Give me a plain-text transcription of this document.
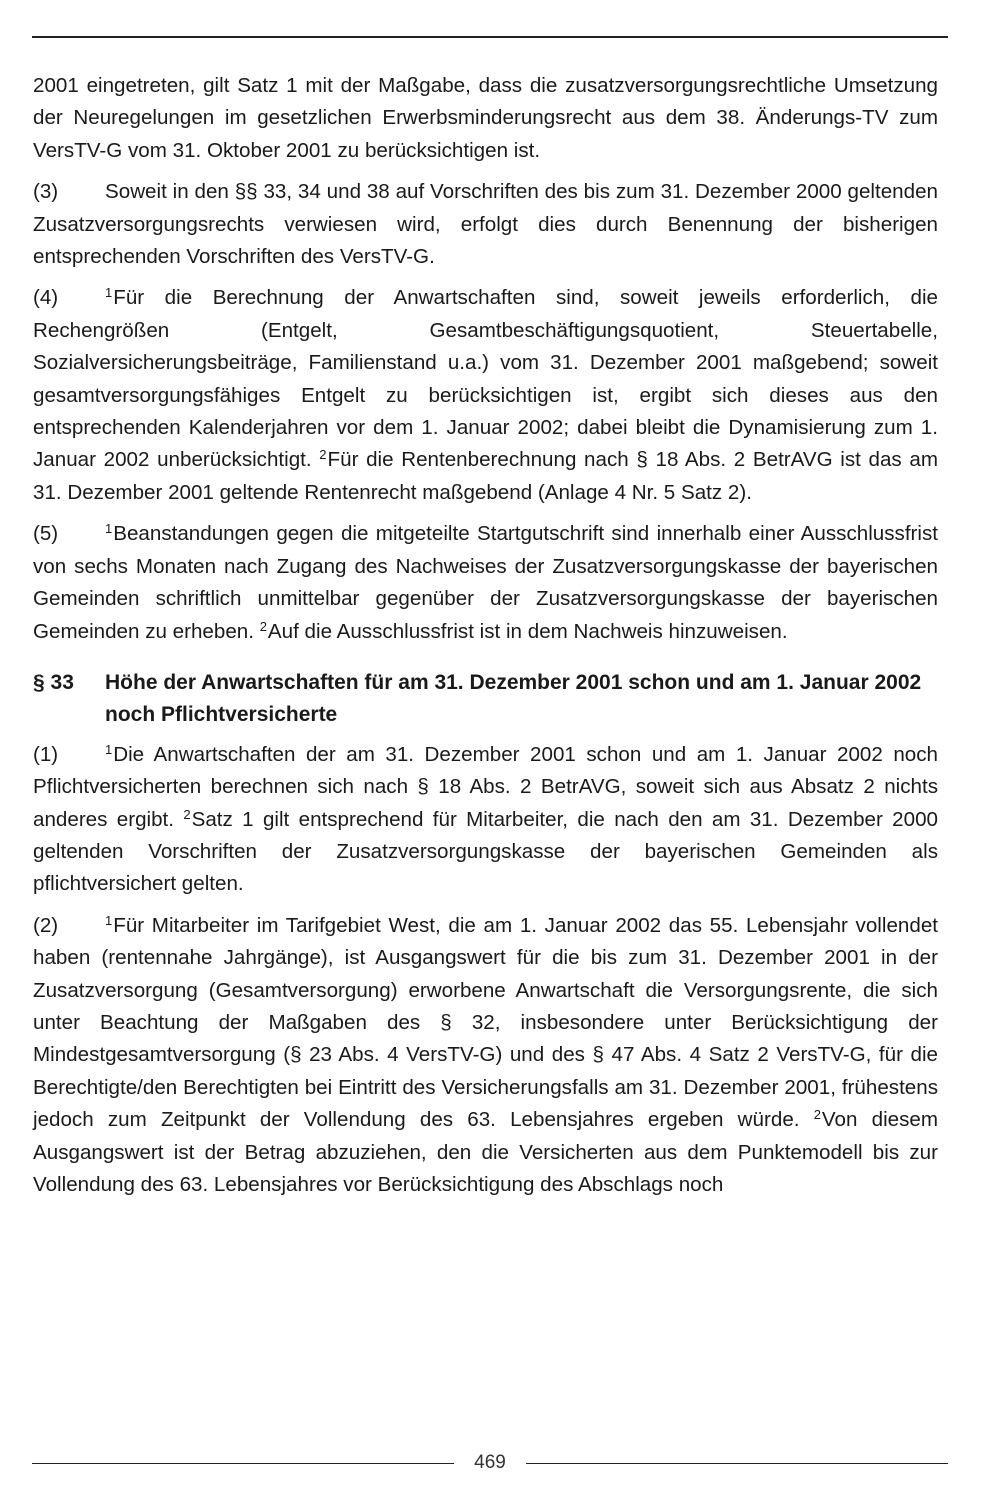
2001 eingetreten, gilt Satz 1 mit der Maßgabe, dass die zusatzversorgungsrechtliche Umsetzung der Neuregelungen im gesetzlichen Erwerbsminderungsrecht aus dem 38. Änderungs-TV zum VersTV-G vom 31. Oktober 2001 zu berücksichtigen ist.

(3) Soweit in den §§ 33, 34 und 38 auf Vorschriften des bis zum 31. Dezember 2000 geltenden Zusatzversorgungsrechts verwiesen wird, erfolgt dies durch Benennung der bisherigen entsprechenden Vorschriften des VersTV-G.

(4)	$^1$Für die Berechnung der Anwartschaften sind, soweit jeweils erforderlich, die Rechengrößen (Entgelt, Gesamtbeschäftigungsquotient, Steuertabelle, Sozialversicherungsbeiträge, Familienstand u.a.) vom 31. Dezember 2001 maßgebend; soweit gesamtversorgungsfähiges Entgelt zu berücksichtigen ist, ergibt sich dieses aus den entsprechenden Kalenderjahren vor dem 1. Januar 2002; dabei bleibt die Dynamisierung zum 1. Januar 2002 unberücksichtigt. $^2$Für die Rentenberechnung nach § 18 Abs. 2 BetrAVG ist das am 31. Dezember 2001 geltende Rentenrecht maßgebend (Anlage 4 Nr. 5 Satz 2).

(5)	$^1$Beanstandungen gegen die mitgeteilte Startgutschrift sind innerhalb einer Ausschlussfrist von sechs Monaten nach Zugang des Nachweises der Zusatzversorgungskasse der bayerischen Gemeinden schriftlich unmittelbar gegenüber der Zusatzversorgungskasse der bayerischen Gemeinden zu erheben. $^2$Auf die Ausschlussfrist ist in dem Nachweis hinzuweisen.

§ 33	Höhe der Anwartschaften für am 31. Dezember 2001 schon und am 1. Januar 2002 noch Pflichtversicherte

(1)	$^1$Die Anwartschaften der am 31. Dezember 2001 schon und am 1. Januar 2002 noch Pflichtversicherten berechnen sich nach § 18 Abs. 2 BetrAVG, soweit sich aus Absatz 2 nichts anderes ergibt. $^2$Satz 1 gilt entsprechend für Mitarbeiter, die nach den am 31. Dezember 2000 geltenden Vorschriften der Zusatzversorgungskasse der bayerischen Gemeinden als pflichtversichert gelten.

(2)	$^1$Für Mitarbeiter im Tarifgebiet West, die am 1. Januar 2002 das 55. Lebensjahr vollendet haben (rentennahe Jahrgänge), ist Ausgangswert für die bis zum 31. Dezember 2001 in der Zusatzversorgung (Gesamtversorgung) erworbene Anwartschaft die Versorgungsrente, die sich unter Beachtung der Maßgaben des § 32, insbesondere unter Berücksichtigung der Mindestgesamtversorgung (§ 23 Abs. 4 VersTV-G) und des § 47 Abs. 4 Satz 2 VersTV-G, für die Berechtigte/den Berechtigten bei Eintritt des Versicherungsfalls am 31. Dezember 2001, frühestens jedoch zum Zeitpunkt der Vollendung des 63. Lebensjahres ergeben würde. $^2$Von diesem Ausgangswert ist der Betrag abzuziehen, den die Versicherten aus dem Punktemodell bis zur Vollendung des 63. Lebensjahres vor Berücksichtigung des Abschlags noch

469
